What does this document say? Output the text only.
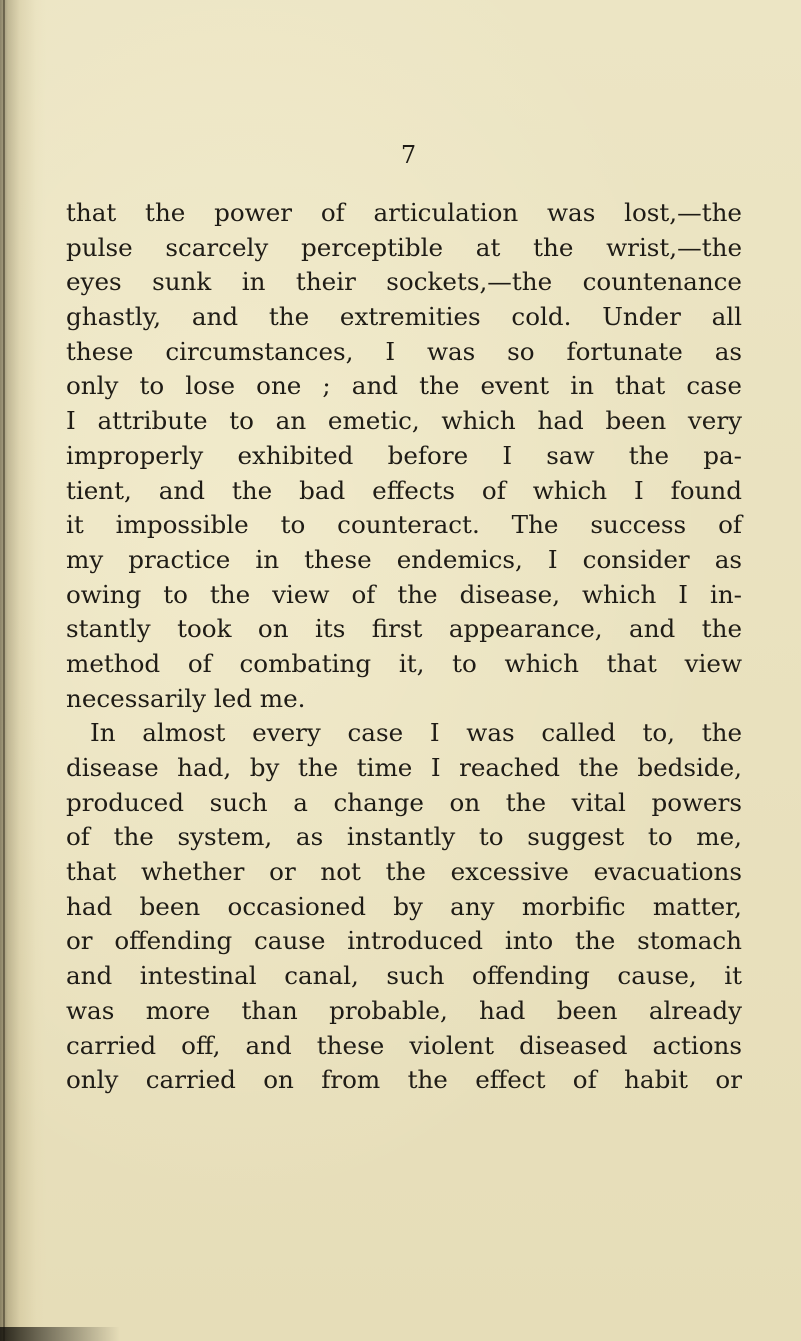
7
that the power of articulation was lost,—the
pulse scarcely perceptible at the wrist,—the
eyes sunk in their sockets,—the countenance
ghastly, and the extremities cold. Under all
these circumstances, I was so fortunate as
only to lose one ; and the event in that case
I attribute to an emetic, which had been very
improperly exhibited before I saw the pa-
tient, and the bad effects of which I found
it impossible to counteract. The success of
my practice in these endemics, I consider as
owing to the view of the disease, which I in-
stantly took on its first appearance, and the
method of combating it, to which that view
necessarily led me.
In almost every case I was called to, the
disease had, by the time I reached the bedside,
produced such a change on the vital powers
of the system, as instantly to suggest to me,
that whether or not the excessive evacuations
had been occasioned by any morbific matter,
or offending cause introduced into the stomach
and intestinal canal, such offending cause, it
was more than probable, had been already
carried off, and these violent diseased actions
only carried on from the effect of habit or
